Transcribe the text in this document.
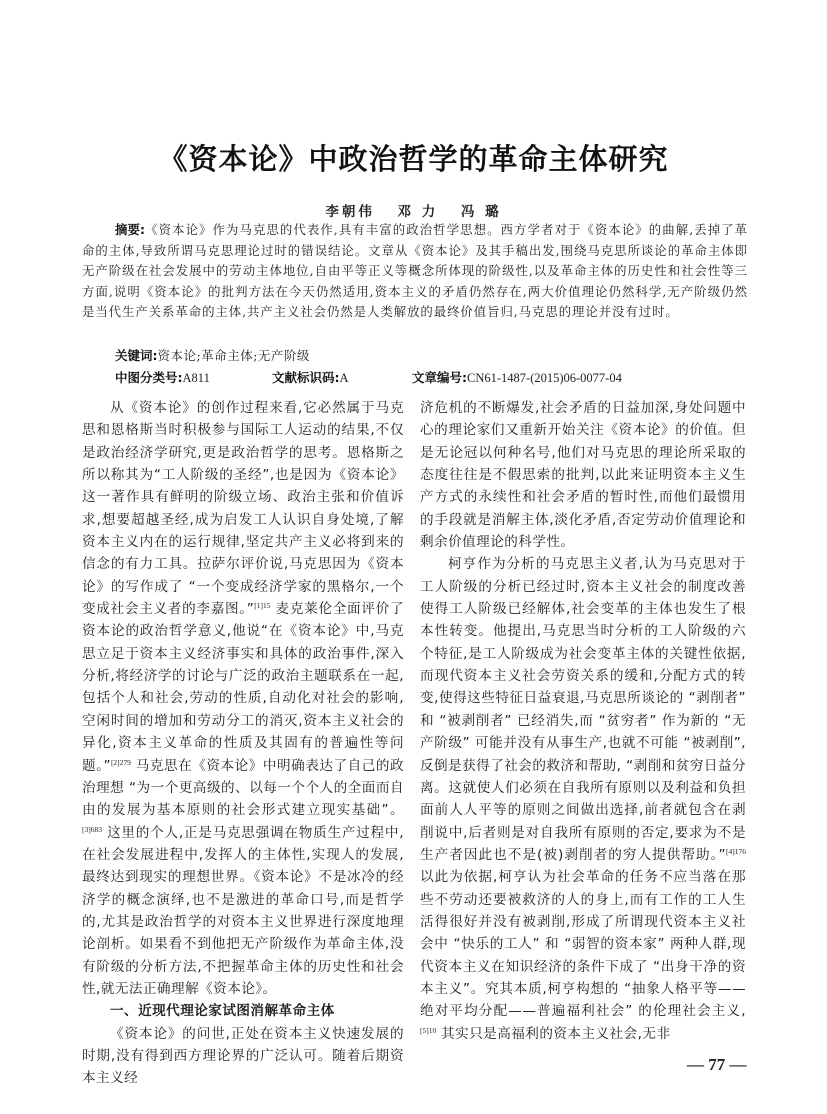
《资本论》中政治哲学的革命主体研究
李朝伟 邓 力 冯 璐

摘要:《资本论》作为马克思的代表作,具有丰富的政治哲学思想。西方学者对于《资本论》的曲解,丢掉了革命的主体,导致所谓马克思理论过时的错误结论。文章从《资本论》及其手稿出发,围绕马克思所谈论的革命主体即无产阶级在社会发展中的劳动主体地位,自由平等正义等概念所体现的阶级性,以及革命主体的历史性和社会性等三方面,说明《资本论》的批判方法在今天仍然适用,资本主义的矛盾仍然存在,两大价值理论仍然科学,无产阶级仍然是当代生产关系革命的主体,共产主义社会仍然是人类解放的最终价值旨归,马克思的理论并没有过时。

关键词:资本论;革命主体;无产阶级
中图分类号:A811	文献标识码:A	文章编号:CN61-1487-(2015)06-0077-04

从《资本论》的创作过程来看,它必然属于马克思和恩格斯当时积极参与国际工人运动的结果,不仅是政治经济学研究,更是政治哲学的思考。恩格斯之所以称其为“工人阶级的圣经”,也是因为《资本论》这一著作具有鲜明的阶级立场、政治主张和价值诉求,想要超越圣经,成为启发工人认识自身处境,了解资本主义内在的运行规律,坚定共产主义必将到来的信念的有力工具。拉萨尔评价说,马克思因为《资本论》的写作成了 “一个变成经济学家的黑格尔,一个变成社会主义者的李嘉图。”$^{[1]15}$ 麦克莱伦全面评价了资本论的政治哲学意义,他说“在《资本论》中,马克思立足于资本主义经济事实和具体的政治事件,深入分析,将经济学的讨论与广泛的政治主题联系在一起,包括个人和社会,劳动的性质,自动化对社会的影响,空闲时间的增加和劳动分工的消灭,资本主义社会的异化,资本主义革命的性质及其固有的普遍性等问题。”$^{[2]279}$ 马克思在《资本论》中明确表达了自己的政治理想 “为一个更高级的、以每一个个人的全面而自由的发展为基本原则的社会形式建立现实基础”。$^{[3]683}$ 这里的个人,正是马克思强调在物质生产过程中,在社会发展进程中,发挥人的主体性,实现人的发展,最终达到现实的理想世界。《资本论》不是冰冷的经济学的概念演绎,也不是激进的革命口号,而是哲学的,尤其是政治哲学的对资本主义世界进行深度地理论剖析。如果看不到他把无产阶级作为革命主体,没有阶级的分析方法,不把握革命主体的历史性和社会性,就无法正确理解《资本论》。

一、近现代理论家试图消解革命主体

《资本论》的问世,正处在资本主义快速发展的时期,没有得到西方理论界的广泛认可。随着后期资本主义经

济危机的不断爆发,社会矛盾的日益加深,身处问题中心的理论家们又重新开始关注《资本论》的价值。但是无论冠以何种名号,他们对马克思的理论所采取的态度往往是不假思索的批判,以此来证明资本主义生产方式的永续性和社会矛盾的暂时性,而他们最惯用的手段就是消解主体,淡化矛盾,否定劳动价值理论和剩余价值理论的科学性。

柯亨作为分析的马克思主义者,认为马克思对于工人阶级的分析已经过时,资本主义社会的制度改善使得工人阶级已经解体,社会变革的主体也发生了根本性转变。他提出,马克思当时分析的工人阶级的六个特征,是工人阶级成为社会变革主体的关键性依据,而现代资本主义社会劳资关系的缓和,分配方式的转变,使得这些特征日益衰退,马克思所谈论的 “剥削者” 和 “被剥削者” 已经消失,而 “贫穷者” 作为新的 “无产阶级” 可能并没有从事生产,也就不可能 “被剥削”,反倒是获得了社会的救济和帮助, “剥削和贫穷日益分离。这就使人们必须在自我所有原则以及利益和负担面前人人平等的原则之间做出选择,前者就包含在剥削说中,后者则是对自我所有原则的否定,要求为不是生产者因此也不是(被)剥削者的穷人提供帮助。”$^{[4]176}$ 以此为依据,柯亨认为社会革命的任务不应当落在那些不劳动还要被救济的人的身上,而有工作的工人生活得很好并没有被剥削,形成了所谓现代资本主义社会中 “快乐的工人” 和 “弱智的资本家” 两种人群,现代资本主义在知识经济的条件下成了 “出身干净的资本主义”。究其本质,柯亨构想的 “抽象人格平等——绝对平均分配——普遍福利社会” 的伦理社会主义,$^{[5]10}$ 其实只是高福利的资本主义社会,无非

— 77 —
